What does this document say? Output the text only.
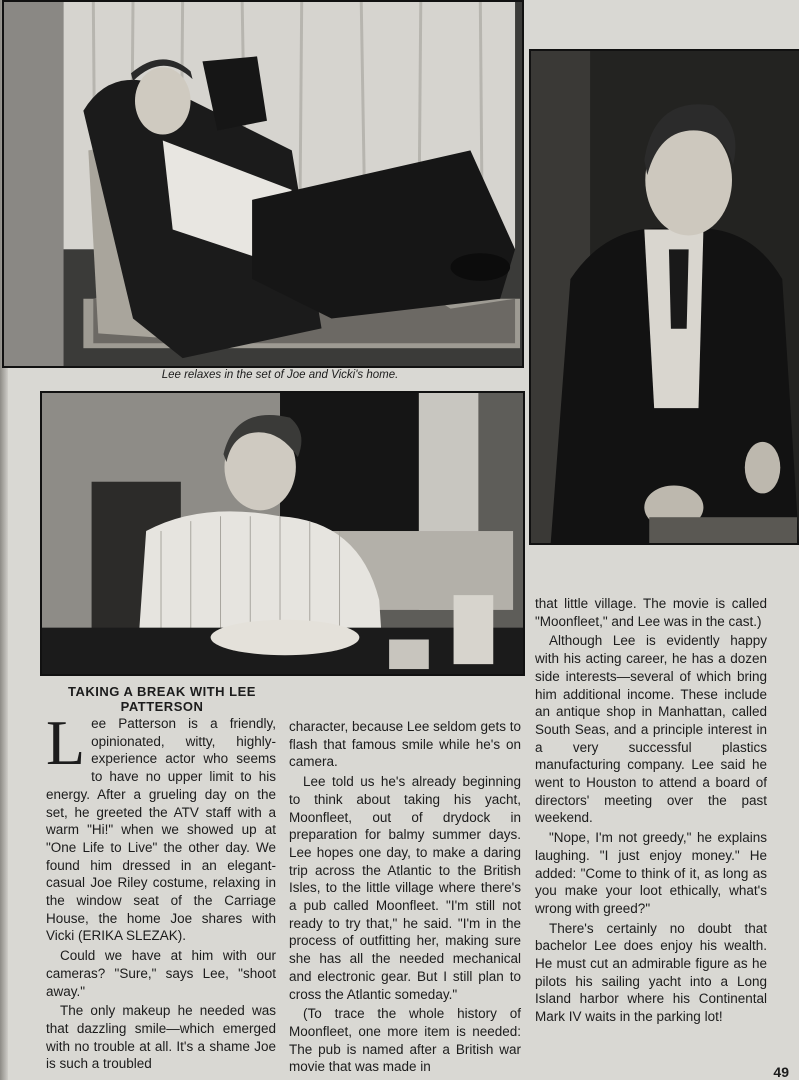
Lee relaxes in the set of Joe and Vicki's home.
TAKING A BREAK WITH LEE PATTERSON

L ee Patterson is a friendly, opinionated, witty, highly-experience actor who seems to have no upper limit to his energy. After a grueling day on the set, he greeted the ATV staff with a warm "Hi!" when we showed up at "One Life to Live" the other day. We found him dressed in an elegant-casual Joe Riley costume, relaxing in the window seat of the Carriage House, the home Joe shares with Vicki (ERIKA SLEZAK).

Could we have at him with our cameras? "Sure," says Lee, "shoot away."

The only makeup he needed was that dazzling smile—which emerged with no trouble at all. It's a shame Joe is such a troubled

character, because Lee seldom gets to flash that famous smile while he's on camera.

Lee told us he's already beginning to think about taking his yacht, Moonfleet, out of drydock in preparation for balmy summer days. Lee hopes one day, to make a daring trip across the Atlantic to the British Isles, to the little village where there's a pub called Moonfleet. "I'm still not ready to try that," he said. "I'm in the process of outfitting her, making sure she has all the needed mechanical and electronic gear. But I still plan to cross the Atlantic someday."

(To trace the whole history of Moonfleet, one more item is needed: The pub is named after a British war movie that was made in

that little village. The movie is called "Moonfleet," and Lee was in the cast.)

Although Lee is evidently happy with his acting career, he has a dozen side interests—several of which bring him additional income. These include an antique shop in Manhattan, called South Seas, and a principle interest in a very successful plastics manufacturing company. Lee said he went to Houston to attend a board of directors' meeting over the past weekend.

"Nope, I'm not greedy," he explains laughing. "I just enjoy money." He added: "Come to think of it, as long as you make your loot ethically, what's wrong with greed?"

There's certainly no doubt that bachelor Lee does enjoy his wealth. He must cut an admirable figure as he pilots his sailing yacht into a Long Island harbor where his Continental Mark IV waits in the parking lot!

49
